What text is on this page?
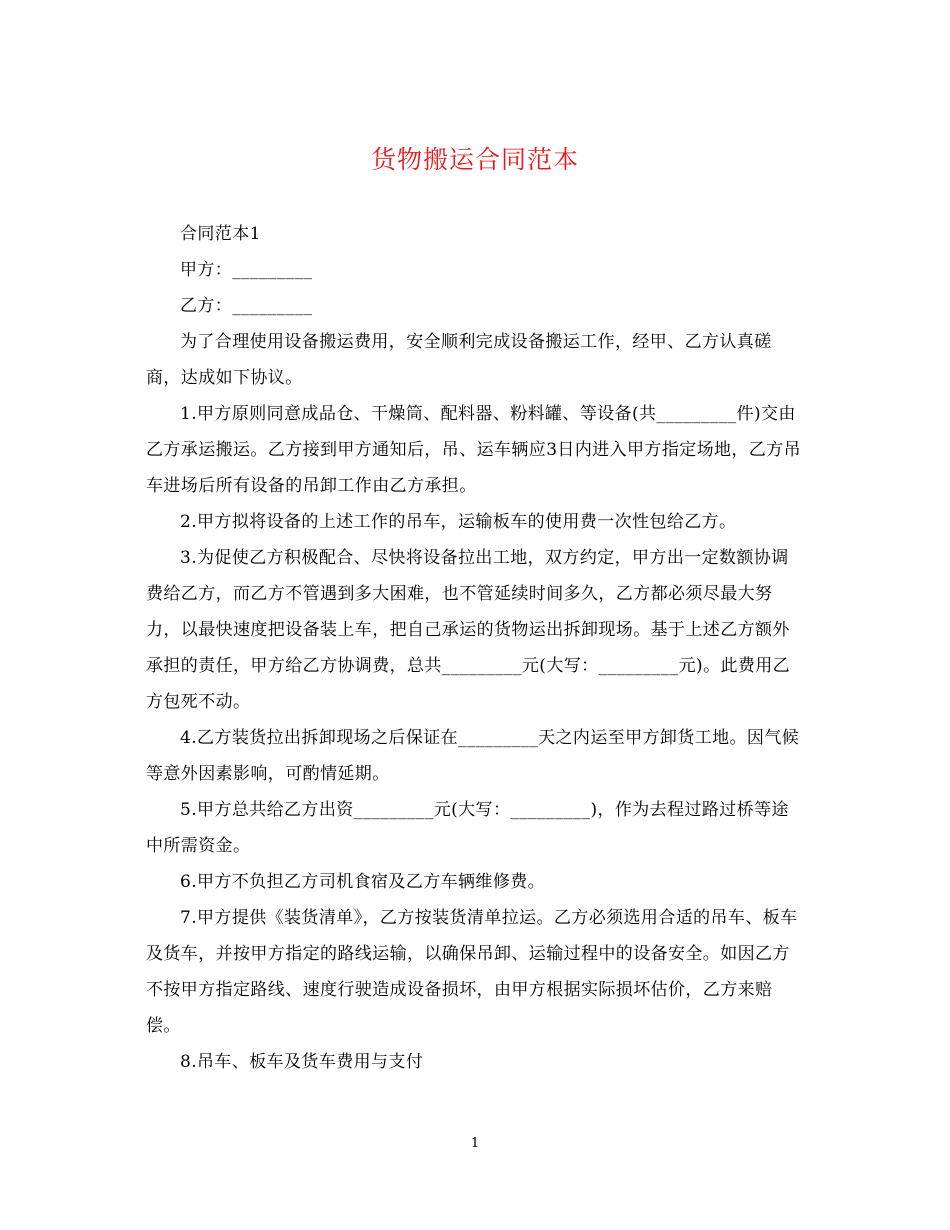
货物搬运合同范本

合同范本1

甲方：_________

乙方：_________

为了合理使用设备搬运费用，安全顺利完成设备搬运工作，经甲、乙方认真磋商，达成如下协议。

1.甲方原则同意成品仓、干燥筒、配料器、粉料罐、等设备(共_________件)交由乙方承运搬运。乙方接到甲方通知后，吊、运车辆应3日内进入甲方指定场地，乙方吊车进场后所有设备的吊卸工作由乙方承担。

2.甲方拟将设备的上述工作的吊车，运输板车的使用费一次性包给乙方。

3.为促使乙方积极配合、尽快将设备拉出工地，双方约定，甲方出一定数额协调费给乙方，而乙方不管遇到多大困难，也不管延续时间多久，乙方都必须尽最大努力，以最快速度把设备装上车，把自己承运的货物运出拆卸现场。基于上述乙方额外承担的责任，甲方给乙方协调费，总共_________元(大写：_________元)。此费用乙方包死不动。

4.乙方装货拉出拆卸现场之后保证在_________天之内运至甲方卸货工地。因气候等意外因素影响，可酌情延期。

5.甲方总共给乙方出资_________元(大写：_________)，作为去程过路过桥等途中所需资金。

6.甲方不负担乙方司机食宿及乙方车辆维修费。

7.甲方提供《装货清单》，乙方按装货清单拉运。乙方必须选用合适的吊车、板车及货车，并按甲方指定的路线运输，以确保吊卸、运输过程中的设备安全。如因乙方不按甲方指定路线、速度行驶造成设备损坏，由甲方根据实际损坏估价，乙方来赔偿。

8.吊车、板车及货车费用与支付

1
